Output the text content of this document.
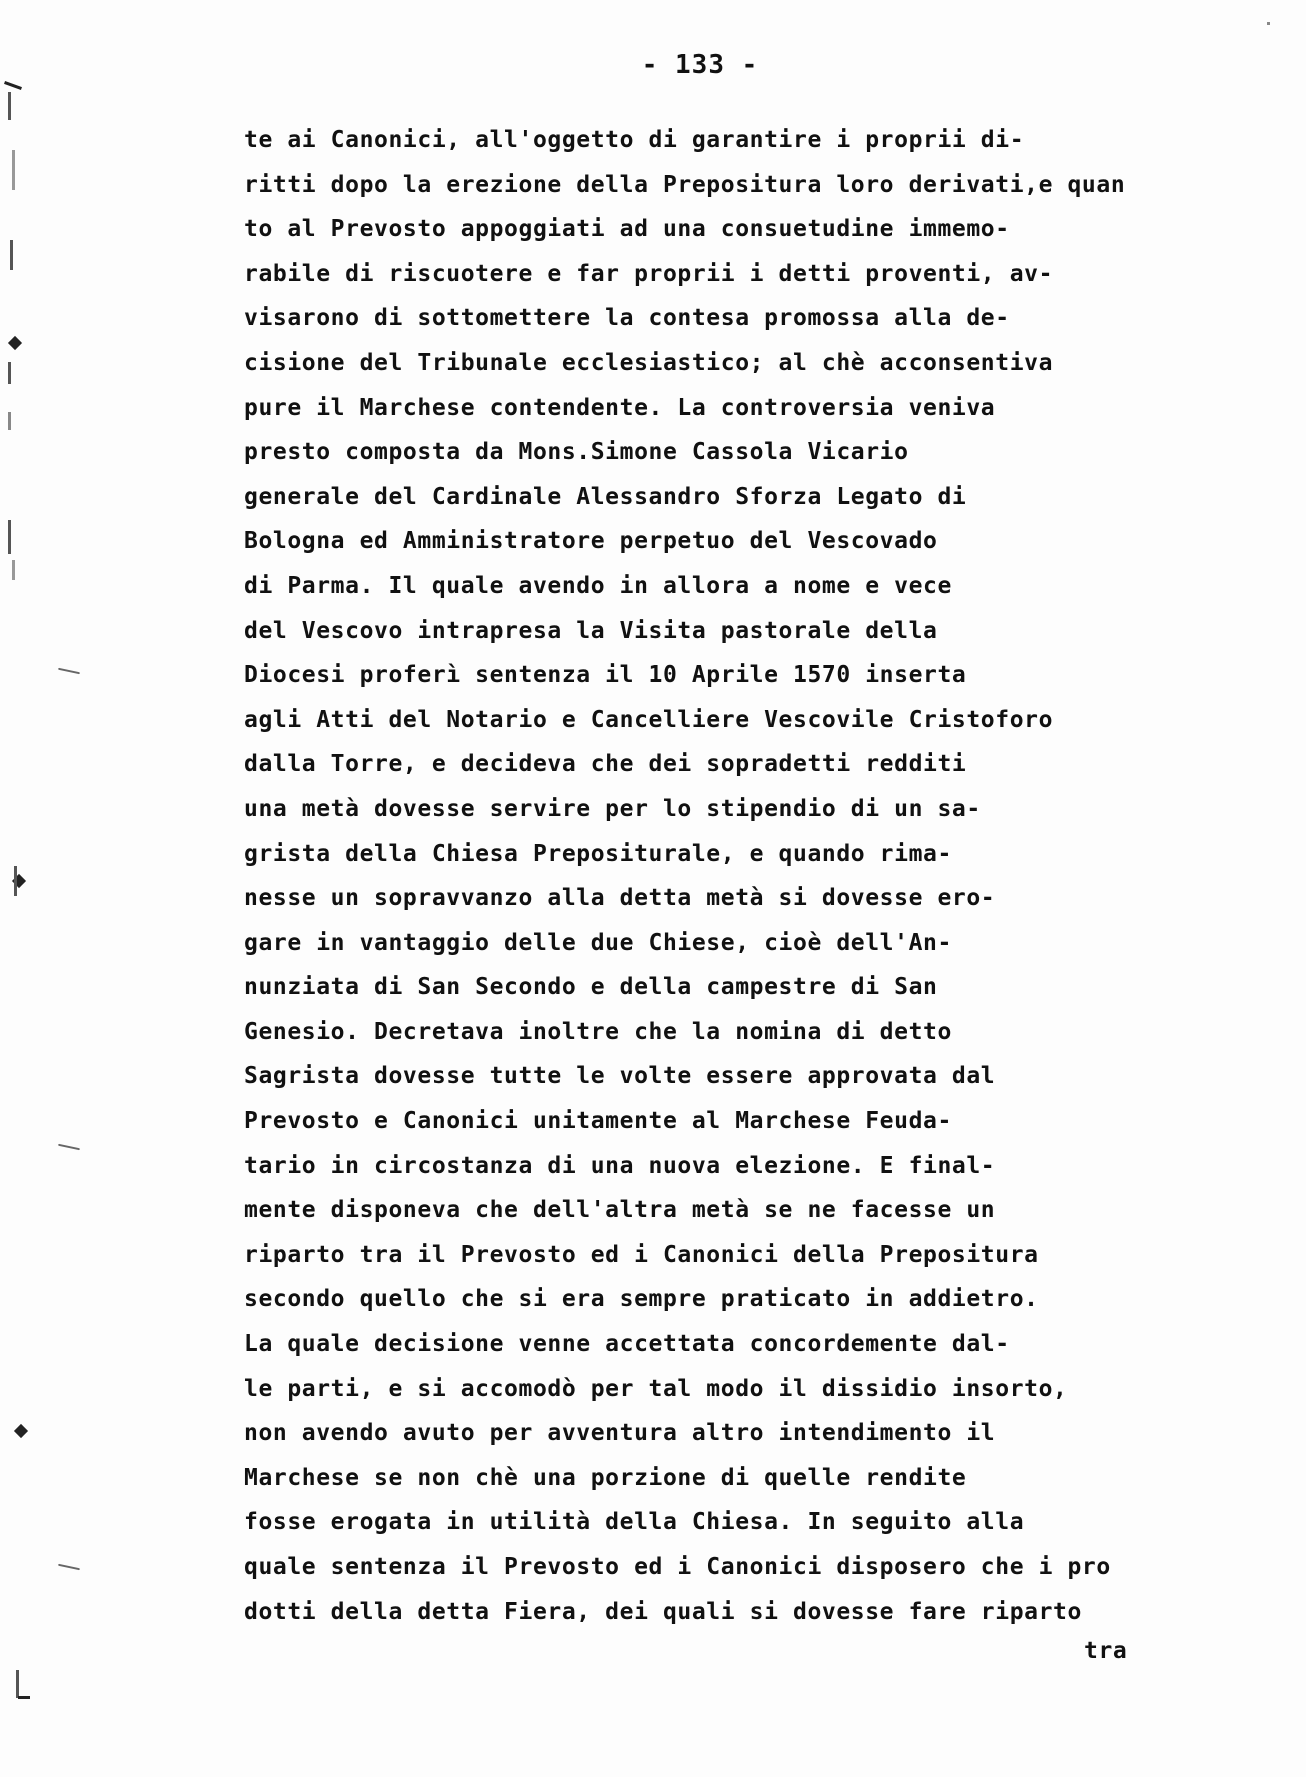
- 133 -
te ai Canonici, all'oggetto di garantire i proprii di-
ritti dopo la erezione della Prepositura loro derivati,e quan
to al Prevosto appoggiati ad una consuetudine immemo-
rabile di riscuotere e far proprii i detti proventi, av-
visarono di sottomettere la contesa promossa alla de-
cisione del Tribunale ecclesiastico; al chè acconsentiva
pure il Marchese contendente. La controversia veniva
presto composta da Mons.Simone Cassola Vicario
generale del Cardinale Alessandro Sforza Legato di
Bologna ed Amministratore perpetuo del Vescovado
di Parma. Il quale avendo in allora a nome e vece
del Vescovo intrapresa la Visita pastorale della
Diocesi proferì sentenza il 10 Aprile 1570 inserta
agli Atti del Notario e Cancelliere Vescovile Cristoforo
dalla Torre, e decideva che dei sopradetti redditi
una metà dovesse servire per lo stipendio di un sa-
grista della Chiesa Prepositurale, e quando rima-
nesse un sopravvanzo alla detta metà si dovesse ero-
gare in vantaggio delle due Chiese, cioè dell'An-
nunziata di San Secondo e della campestre di San
Genesio. Decretava inoltre che la nomina di detto
Sagrista dovesse tutte le volte essere approvata dal
Prevosto e Canonici unitamente al Marchese Feuda-
tario in circostanza di una nuova elezione. E final-
mente disponeva che dell'altra metà se ne facesse un
riparto tra il Prevosto ed i Canonici della Prepositura
secondo quello che si era sempre praticato in addietro.
La quale decisione venne accettata concordemente dal-
le parti, e si accomodò per tal modo il dissidio insorto,
non avendo avuto per avventura altro intendimento il
Marchese se non chè una porzione di quelle rendite
fosse erogata in utilità della Chiesa. In seguito alla
quale sentenza il Prevosto ed i Canonici disposero che i pro
dotti della detta Fiera, dei quali si dovesse fare riparto
tra
